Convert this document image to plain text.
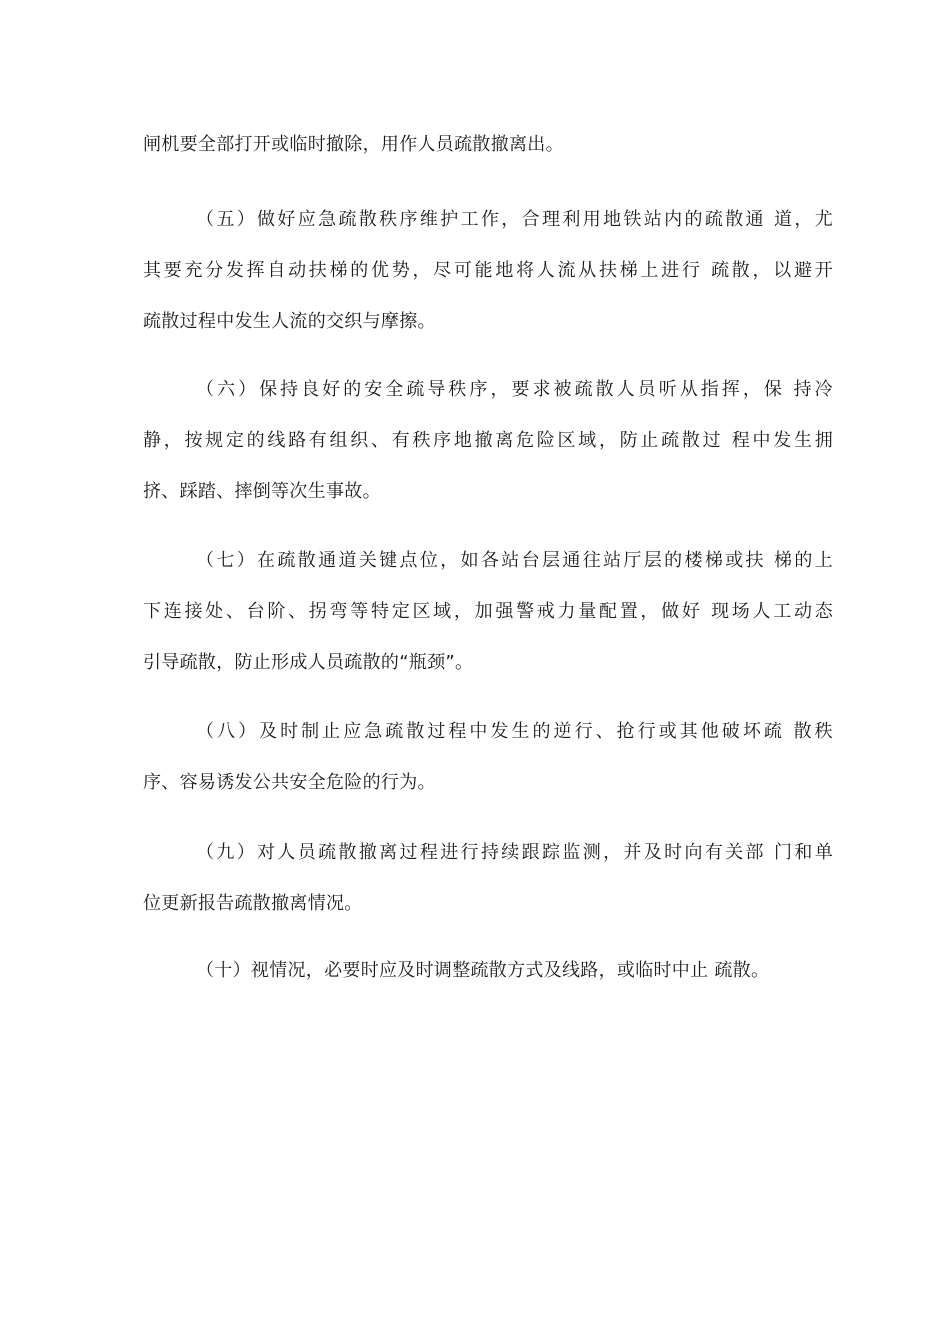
闸机要全部打开或临时撤除，用作人员疏散撤离出。

（五）做好应急疏散秩序维护工作，合理利用地铁站内的疏散通 道，尤
其要充分发挥自动扶梯的优势，尽可能地将人流从扶梯上进行 疏散，以避开
疏散过程中发生人流的交织与摩擦。

（六）保持良好的安全疏导秩序，要求被疏散人员听从指挥，保 持冷
静，按规定的线路有组织、有秩序地撤离危险区域，防止疏散过 程中发生拥
挤、踩踏、摔倒等次生事故。

（七）在疏散通道关键点位，如各站台层通往站厅层的楼梯或扶 梯的上
下连接处、台阶、拐弯等特定区域，加强警戒力量配置，做好 现场人工动态
引导疏散，防止形成人员疏散的“瓶颈”。

（八）及时制止应急疏散过程中发生的逆行、抢行或其他破坏疏 散秩
序、容易诱发公共安全危险的行为。

（九）对人员疏散撤离过程进行持续跟踪监测，并及时向有关部 门和单
位更新报告疏散撤离情况。

（十）视情况，必要时应及时调整疏散方式及线路，或临时中止 疏散。
